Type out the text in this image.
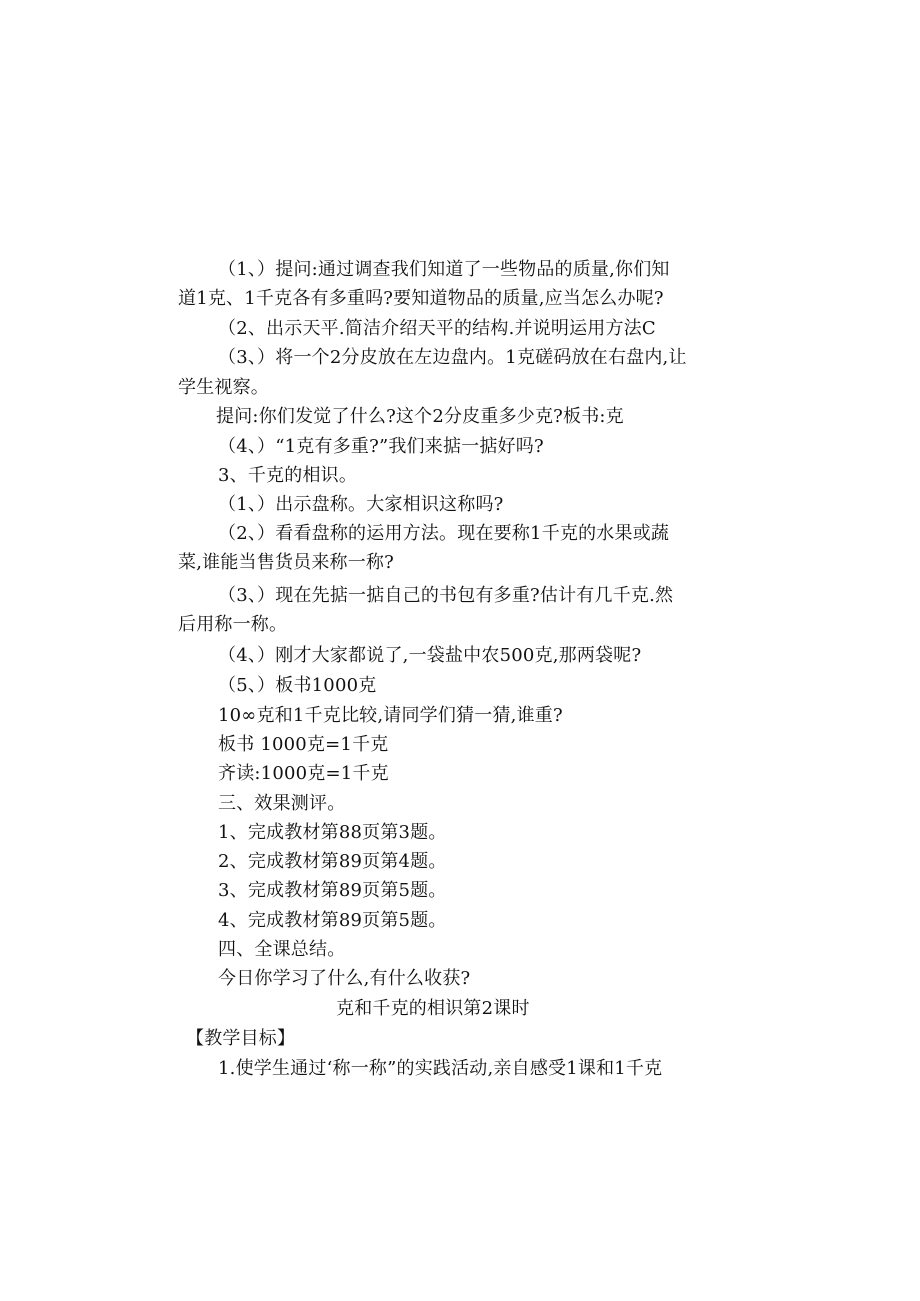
（1、）提问:通过调查我们知道了一些物品的质量,你们知
道1克、1千克各有多重吗?要知道物品的质量,应当怎么办呢?
（2、出示天平.简洁介绍天平的结构.并说明运用方法C
（3、）将一个2分皮放在左边盘内。1克磋码放在右盘内,让
学生视察。
提问:你们发觉了什么?这个2分皮重多少克?板书:克
（4、）“1克有多重?”我们来掂一掂好吗?
3、千克的相识。
（1、）出示盘称。大家相识这称吗?
（2、）看看盘称的运用方法。现在要称1千克的水果或蔬
菜,谁能当售货员来称一称?
（3、）现在先掂一掂自己的书包有多重?估计有几千克.然
后用称一称。
（4、）刚才大家都说了,一袋盐中农500克,那两袋呢?
（5、）板书1000克
10∞克和1千克比较,请同学们猜一猜,谁重?
板书 1000克=1千克
齐读:1000克=1千克
三、效果测评。
1、完成教材第88页第3题。
2、完成教材第89页第4题。
3、完成教材第89页第5题。
4、完成教材第89页第5题。
四、全课总结。
今日你学习了什么,有什么收获?
克和千克的相识第2课时
【教学目标】
1.使学生通过‘称一称”的实践活动,亲自感受1课和1千克
